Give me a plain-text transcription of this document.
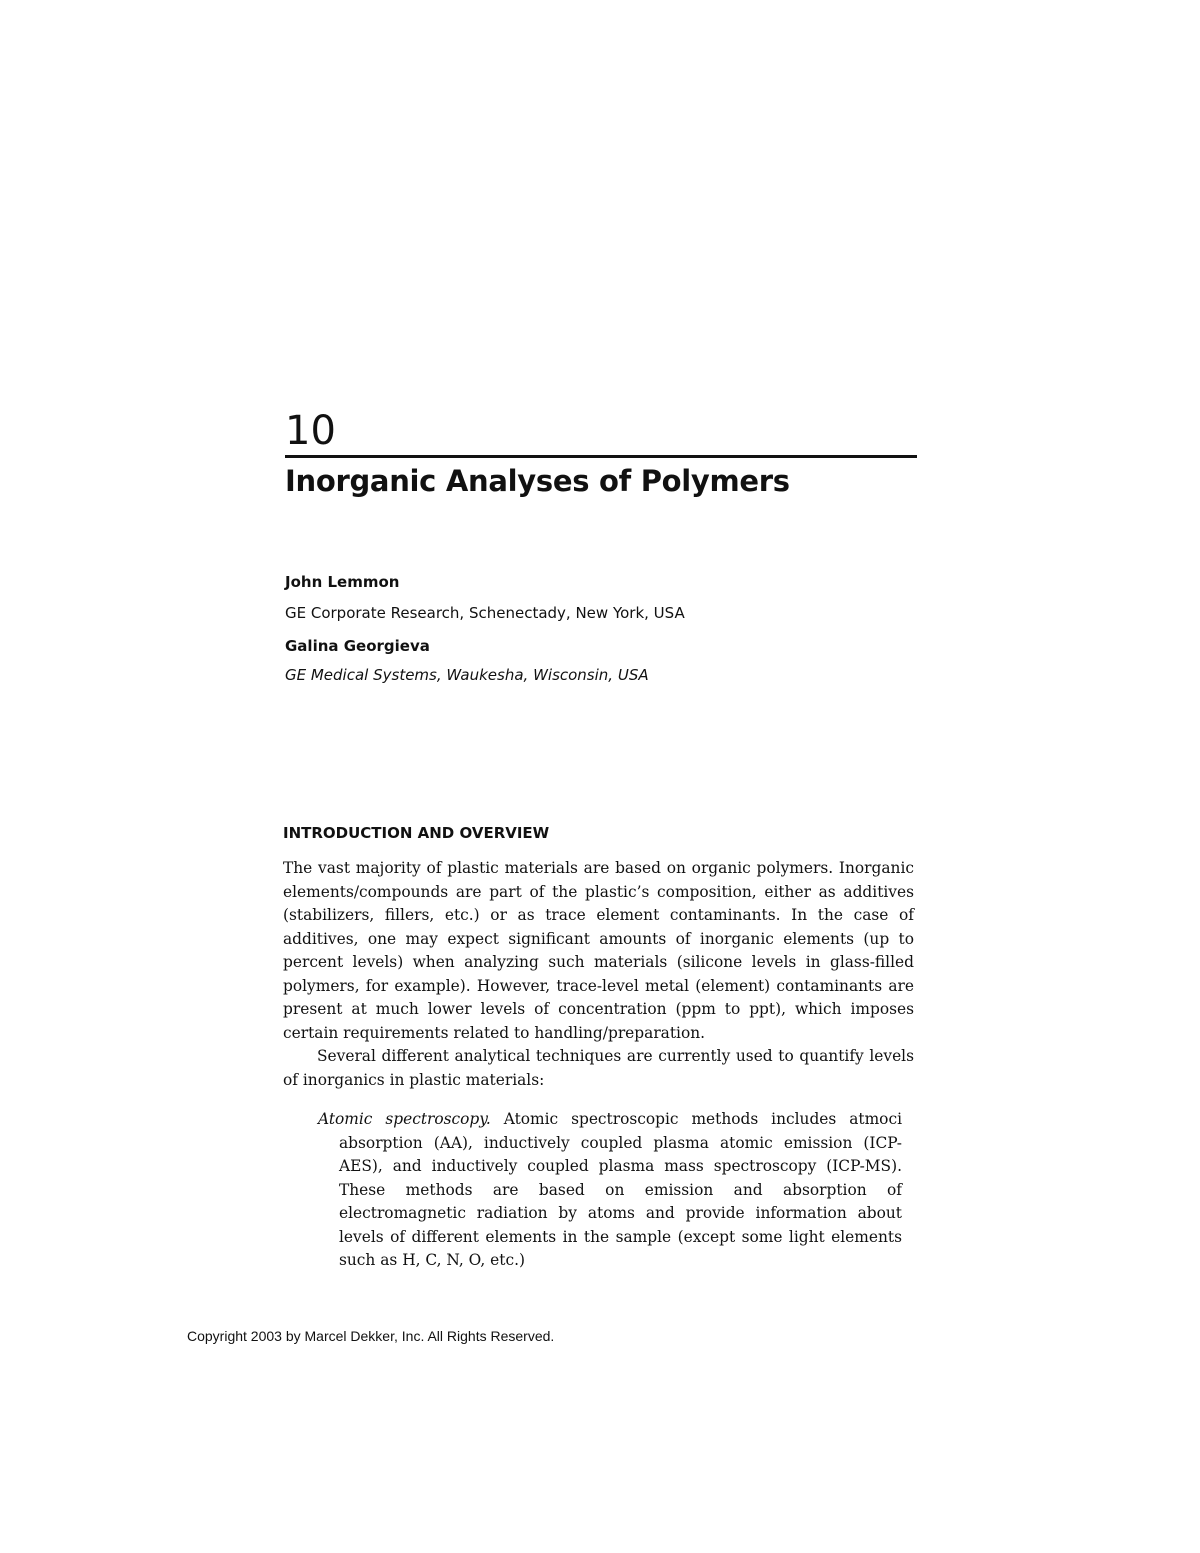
10
Inorganic Analyses of Polymers

John Lemmon

GE Corporate Research, Schenectady, New York, USA

Galina Georgieva

GE Medical Systems, Waukesha, Wisconsin, USA

INTRODUCTION AND OVERVIEW

The vast majority of plastic materials are based on organic polymers. Inorganic elements/compounds are part of the plastic’s composition, either as additives (stabilizers, fillers, etc.) or as trace element contaminants. In the case of additives, one may expect significant amounts of inorganic elements (up to percent levels) when analyzing such materials (silicone levels in glass-filled polymers, for example). However, trace-level metal (element) contaminants are present at much lower levels of concentration (ppm to ppt), which imposes certain requirements related to handling/preparation.

Several different analytical techniques are currently used to quantify levels of inorganics in plastic materials:

Atomic spectroscopy. Atomic spectroscopic methods includes atmoci absorption (AA), inductively coupled plasma atomic emission (ICP-AES), and inductively coupled plasma mass spectroscopy (ICP-MS). These methods are based on emission and absorption of electromagnetic radiation by atoms and provide information about levels of different elements in the sample (except some light elements such as H, C, N, O, etc.)

Copyright 2003 by Marcel Dekker, Inc. All Rights Reserved.
